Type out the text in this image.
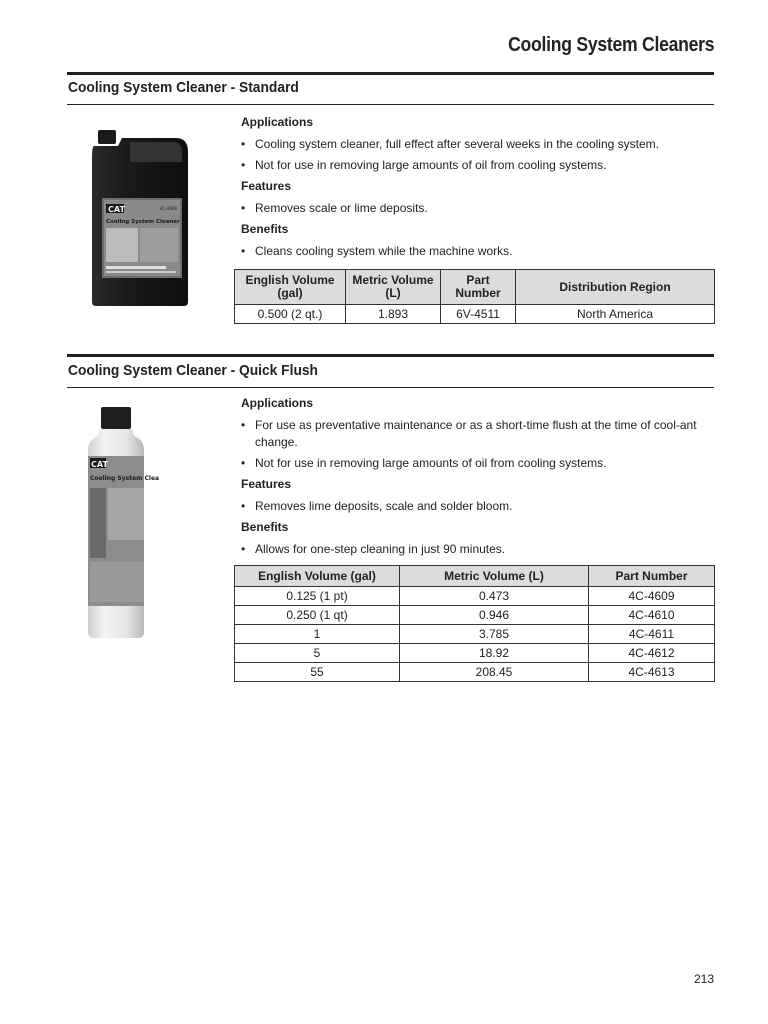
Cooling System Cleaners
Cooling System Cleaner - Standard
CAT	4C-4609
Cooling System Cleaner
Applications
• Cooling system cleaner, full effect after several weeks in the cooling system.
• Not for use in removing large amounts of oil from cooling systems.
Features
• Removes scale or lime deposits.
Benefits
• Cleans cooling system while the machine works.
English Volume (gal)	Metric Volume (L)	Part Number	Distribution Region
0.500 (2 qt.)	1.893	6V-4511	North America
Cooling System Cleaner - Quick Flush
CAT
Cooling System Clea
Applications
• For use as preventative maintenance or as a short-time flush at the time of cool-ant change.
• Not for use in removing large amounts of oil from cooling systems.
Features
• Removes lime deposits, scale and solder bloom.
Benefits
• Allows for one-step cleaning in just 90 minutes.
English Volume (gal)	Metric Volume (L)	Part Number
0.125 (1 pt)	0.473	4C-4609
0.250 (1 qt)	0.946	4C-4610
1	3.785	4C-4611
5	18.92	4C-4612
55	208.45	4C-4613
213
